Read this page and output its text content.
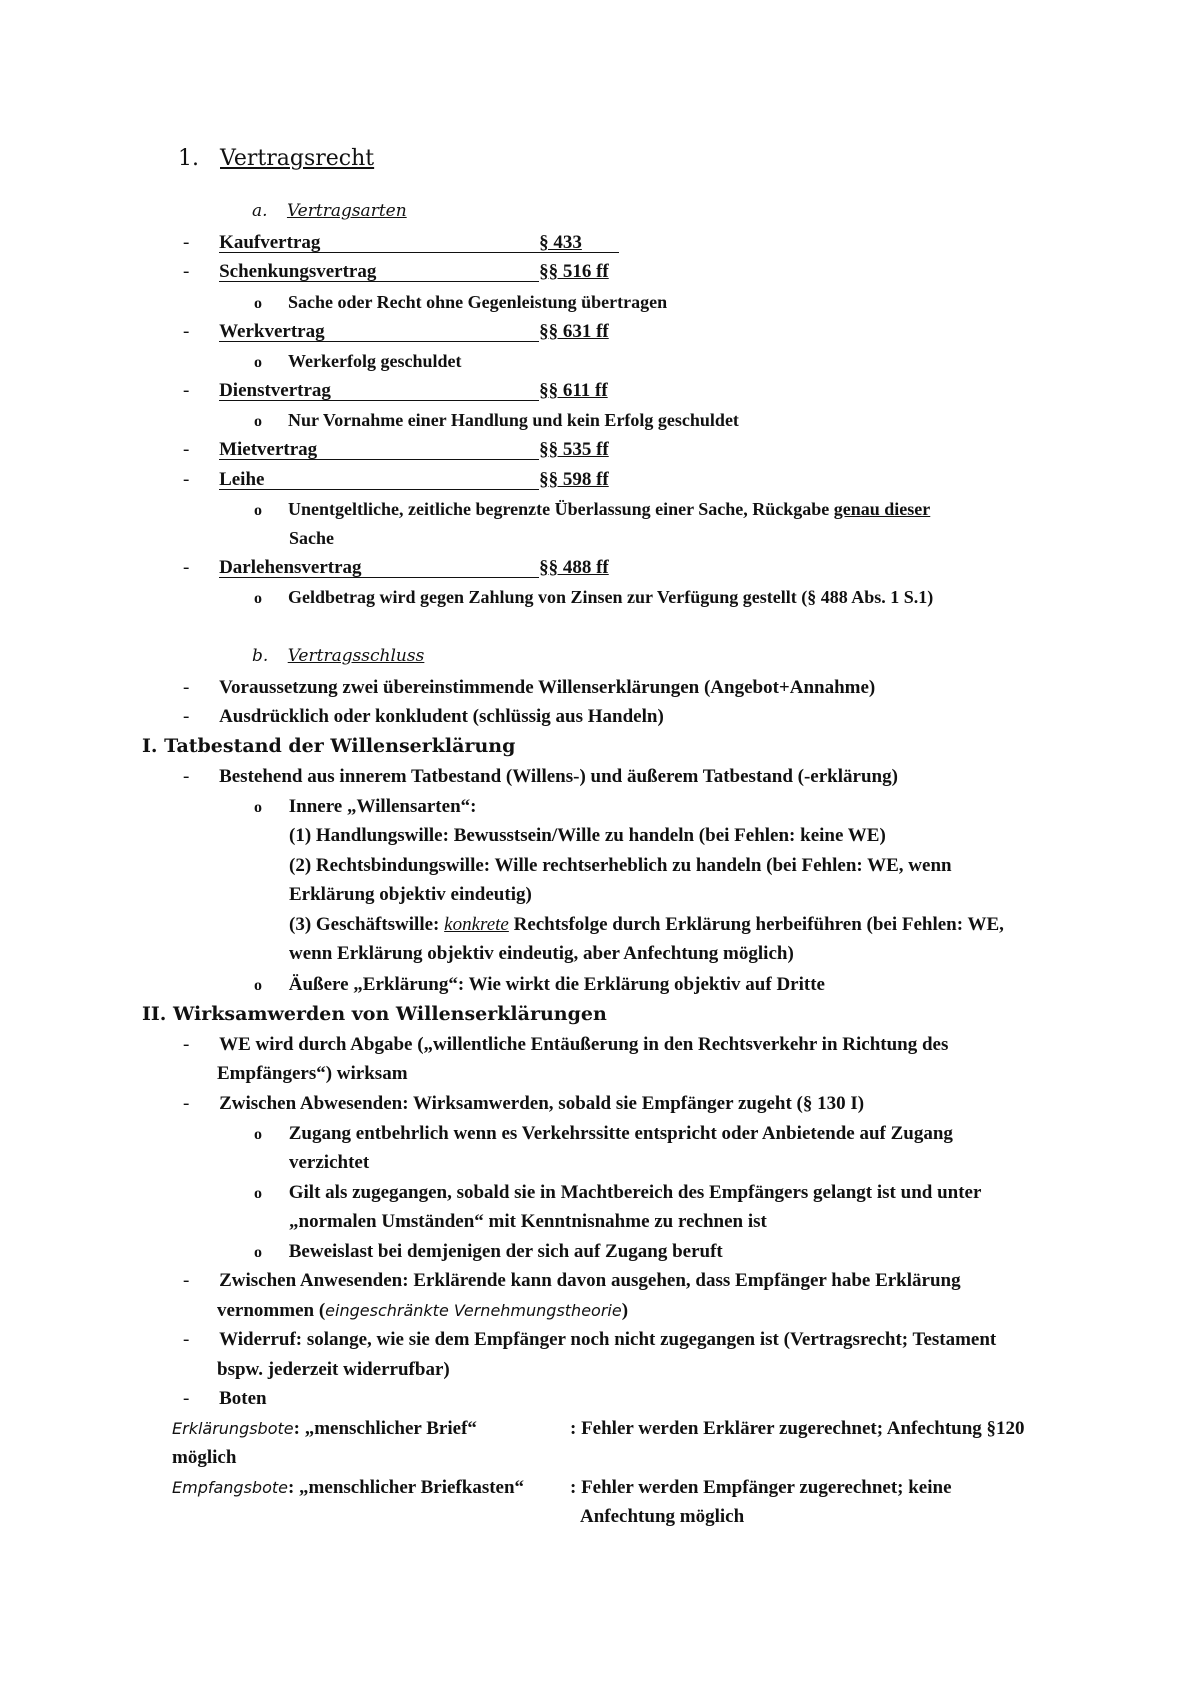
1. Vertragsrecht
a. Vertragsarten
- Kaufvertrag	§ 433
- Schenkungsvertrag	§§ 516 ff
o Sache oder Recht ohne Gegenleistung übertragen
- Werkvertrag	§§ 631 ff
o Werkerfolg geschuldet
- Dienstvertrag	§§ 611 ff
o Nur Vornahme einer Handlung und kein Erfolg geschuldet
- Mietvertrag	§§ 535 ff
- Leihe	§§ 598 ff
o Unentgeltliche, zeitliche begrenzte Überlassung einer Sache, Rückgabe genau dieser
Sache
- Darlehensvertrag	§§ 488 ff
o Geldbetrag wird gegen Zahlung von Zinsen zur Verfügung gestellt (§ 488 Abs. 1 S.1)
b. Vertragsschluss
- Voraussetzung zwei übereinstimmende Willenserklärungen (Angebot+Annahme)
- Ausdrücklich oder konkludent (schlüssig aus Handeln)
I. Tatbestand der Willenserklärung
- Bestehend aus innerem Tatbestand (Willens-) und äußerem Tatbestand (-erklärung)
o Innere „Willensarten“:
(1) Handlungswille: Bewusstsein/Wille zu handeln (bei Fehlen: keine WE)
(2) Rechtsbindungswille: Wille rechtserheblich zu handeln (bei Fehlen: WE, wenn
Erklärung objektiv eindeutig)
(3) Geschäftswille: konkrete Rechtsfolge durch Erklärung herbeiführen (bei Fehlen: WE,
wenn Erklärung objektiv eindeutig, aber Anfechtung möglich)
o Äußere „Erklärung“: Wie wirkt die Erklärung objektiv auf Dritte
II. Wirksamwerden von Willenserklärungen
- WE wird durch Abgabe („willentliche Entäußerung in den Rechtsverkehr in Richtung des
Empfängers“) wirksam
- Zwischen Abwesenden: Wirksamwerden, sobald sie Empfänger zugeht (§ 130 I)
o Zugang entbehrlich wenn es Verkehrssitte entspricht oder Anbietende auf Zugang
verzichtet
o Gilt als zugegangen, sobald sie in Machtbereich des Empfängers gelangt ist und unter
„normalen Umständen“ mit Kenntnisnahme zu rechnen ist
o Beweislast bei demjenigen der sich auf Zugang beruft
- Zwischen Anwesenden: Erklärende kann davon ausgehen, dass Empfänger habe Erklärung
vernommen (eingeschränkte Vernehmungstheorie)
- Widerruf: solange, wie sie dem Empfänger noch nicht zugegangen ist (Vertragsrecht; Testament
bspw. jederzeit widerrufbar)
- Boten
Erklärungsbote: „menschlicher Brief“	: Fehler werden Erklärer zugerechnet; Anfechtung §120
möglich
Empfangsbote: „menschlicher Briefkasten“ : Fehler werden Empfänger zugerechnet; keine
Anfechtung möglich
